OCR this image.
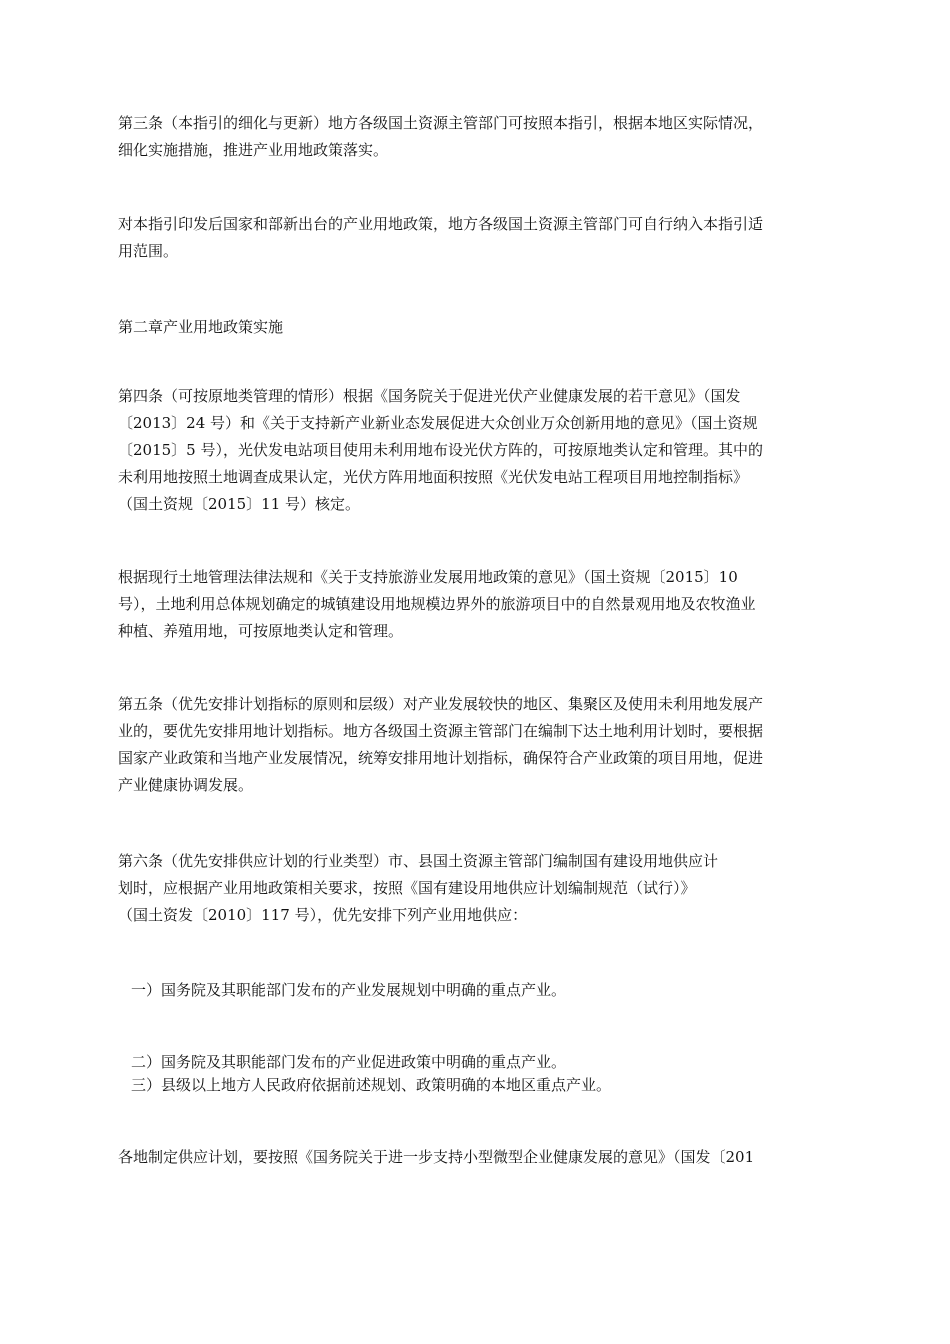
第三条（本指引的细化与更新）地方各级国土资源主管部门可按照本指引，根据本地区实际情况，

细化实施措施，推进产业用地政策落实。

对本指引印发后国家和部新出台的产业用地政策，地方各级国土资源主管部门可自行纳入本指引适

用范围。

第二章产业用地政策实施

第四条（可按原地类管理的情形）根据《国务院关于促进光伏产业健康发展的若干意见》（国发

〔2013〕24 号）和《关于支持新产业新业态发展促进大众创业万众创新用地的意见》（国土资规

〔2015〕5 号），光伏发电站项目使用未利用地布设光伏方阵的，可按原地类认定和管理。其中的

未利用地按照土地调查成果认定，光伏方阵用地面积按照《光伏发电站工程项目用地控制指标》

（国土资规〔2015〕11 号）核定。

根据现行土地管理法律法规和《关于支持旅游业发展用地政策的意见》（国土资规〔2015〕10

号），土地利用总体规划确定的城镇建设用地规模边界外的旅游项目中的自然景观用地及农牧渔业

种植、养殖用地，可按原地类认定和管理。

第五条（优先安排计划指标的原则和层级）对产业发展较快的地区、集聚区及使用未利用地发展产

业的，要优先安排用地计划指标。地方各级国土资源主管部门在编制下达土地利用计划时，要根据

国家产业政策和当地产业发展情况，统筹安排用地计划指标，确保符合产业政策的项目用地，促进

产业健康协调发展。

第六条（优先安排供应计划的行业类型）市、县国土资源主管部门编制国有建设用地供应计

划时，应根据产业用地政策相关要求，按照《国有建设用地供应计划编制规范（试行）》

（国土资发〔2010〕117 号），优先安排下列产业用地供应：

一）国务院及其职能部门发布的产业发展规划中明确的重点产业。

二）国务院及其职能部门发布的产业促进政策中明确的重点产业。

三）县级以上地方人民政府依据前述规划、政策明确的本地区重点产业。

各地制定供应计划，要按照《国务院关于进一步支持小型微型企业健康发展的意见》（国发〔201
